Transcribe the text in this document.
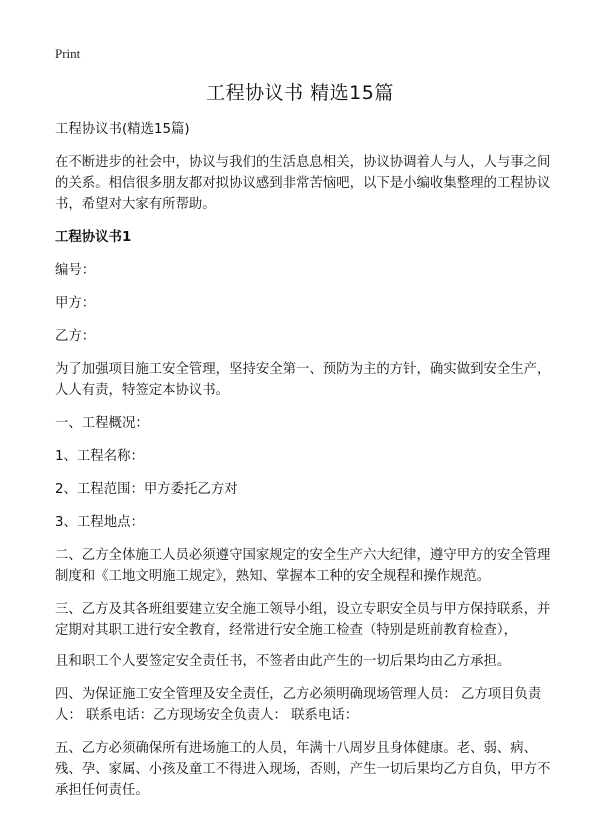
Print
工程协议书 精选15篇

工程协议书(精选15篇)

在不断进步的社会中，协议与我们的生活息息相关，协议协调着人与人，人与事之间的关系。相信很多朋友都对拟协议感到非常苦恼吧，以下是小编收集整理的工程协议书，希望对大家有所帮助。

工程协议书1

编号：

甲方：

乙方：

为了加强项目施工安全管理，坚持安全第一、预防为主的方针，确实做到安全生产，人人有责，特签定本协议书。

一、工程概况：

1、工程名称：

2、工程范围：甲方委托乙方对

3、工程地点：

二、乙方全体施工人员必须遵守国家规定的安全生产六大纪律，遵守甲方的安全管理制度和《工地文明施工规定》，熟知、掌握本工种的安全规程和操作规范。

三、乙方及其各班组要建立安全施工领导小组，设立专职安全员与甲方保持联系，并定期对其职工进行安全教育，经常进行安全施工检查（特别是班前教育检查），

且和职工个人要签定安全责任书，不签者由此产生的一切后果均由乙方承担。

四、为保证施工安全管理及安全责任，乙方必须明确现场管理人员： 乙方项目负责人： 联系电话：乙方现场安全负责人： 联系电话：

五、乙方必须确保所有进场施工的人员，年满十八周岁且身体健康。老、弱、病、残、孕、家属、小孩及童工不得进入现场，否则，产生一切后果均乙方自负，甲方不承担任何责任。
